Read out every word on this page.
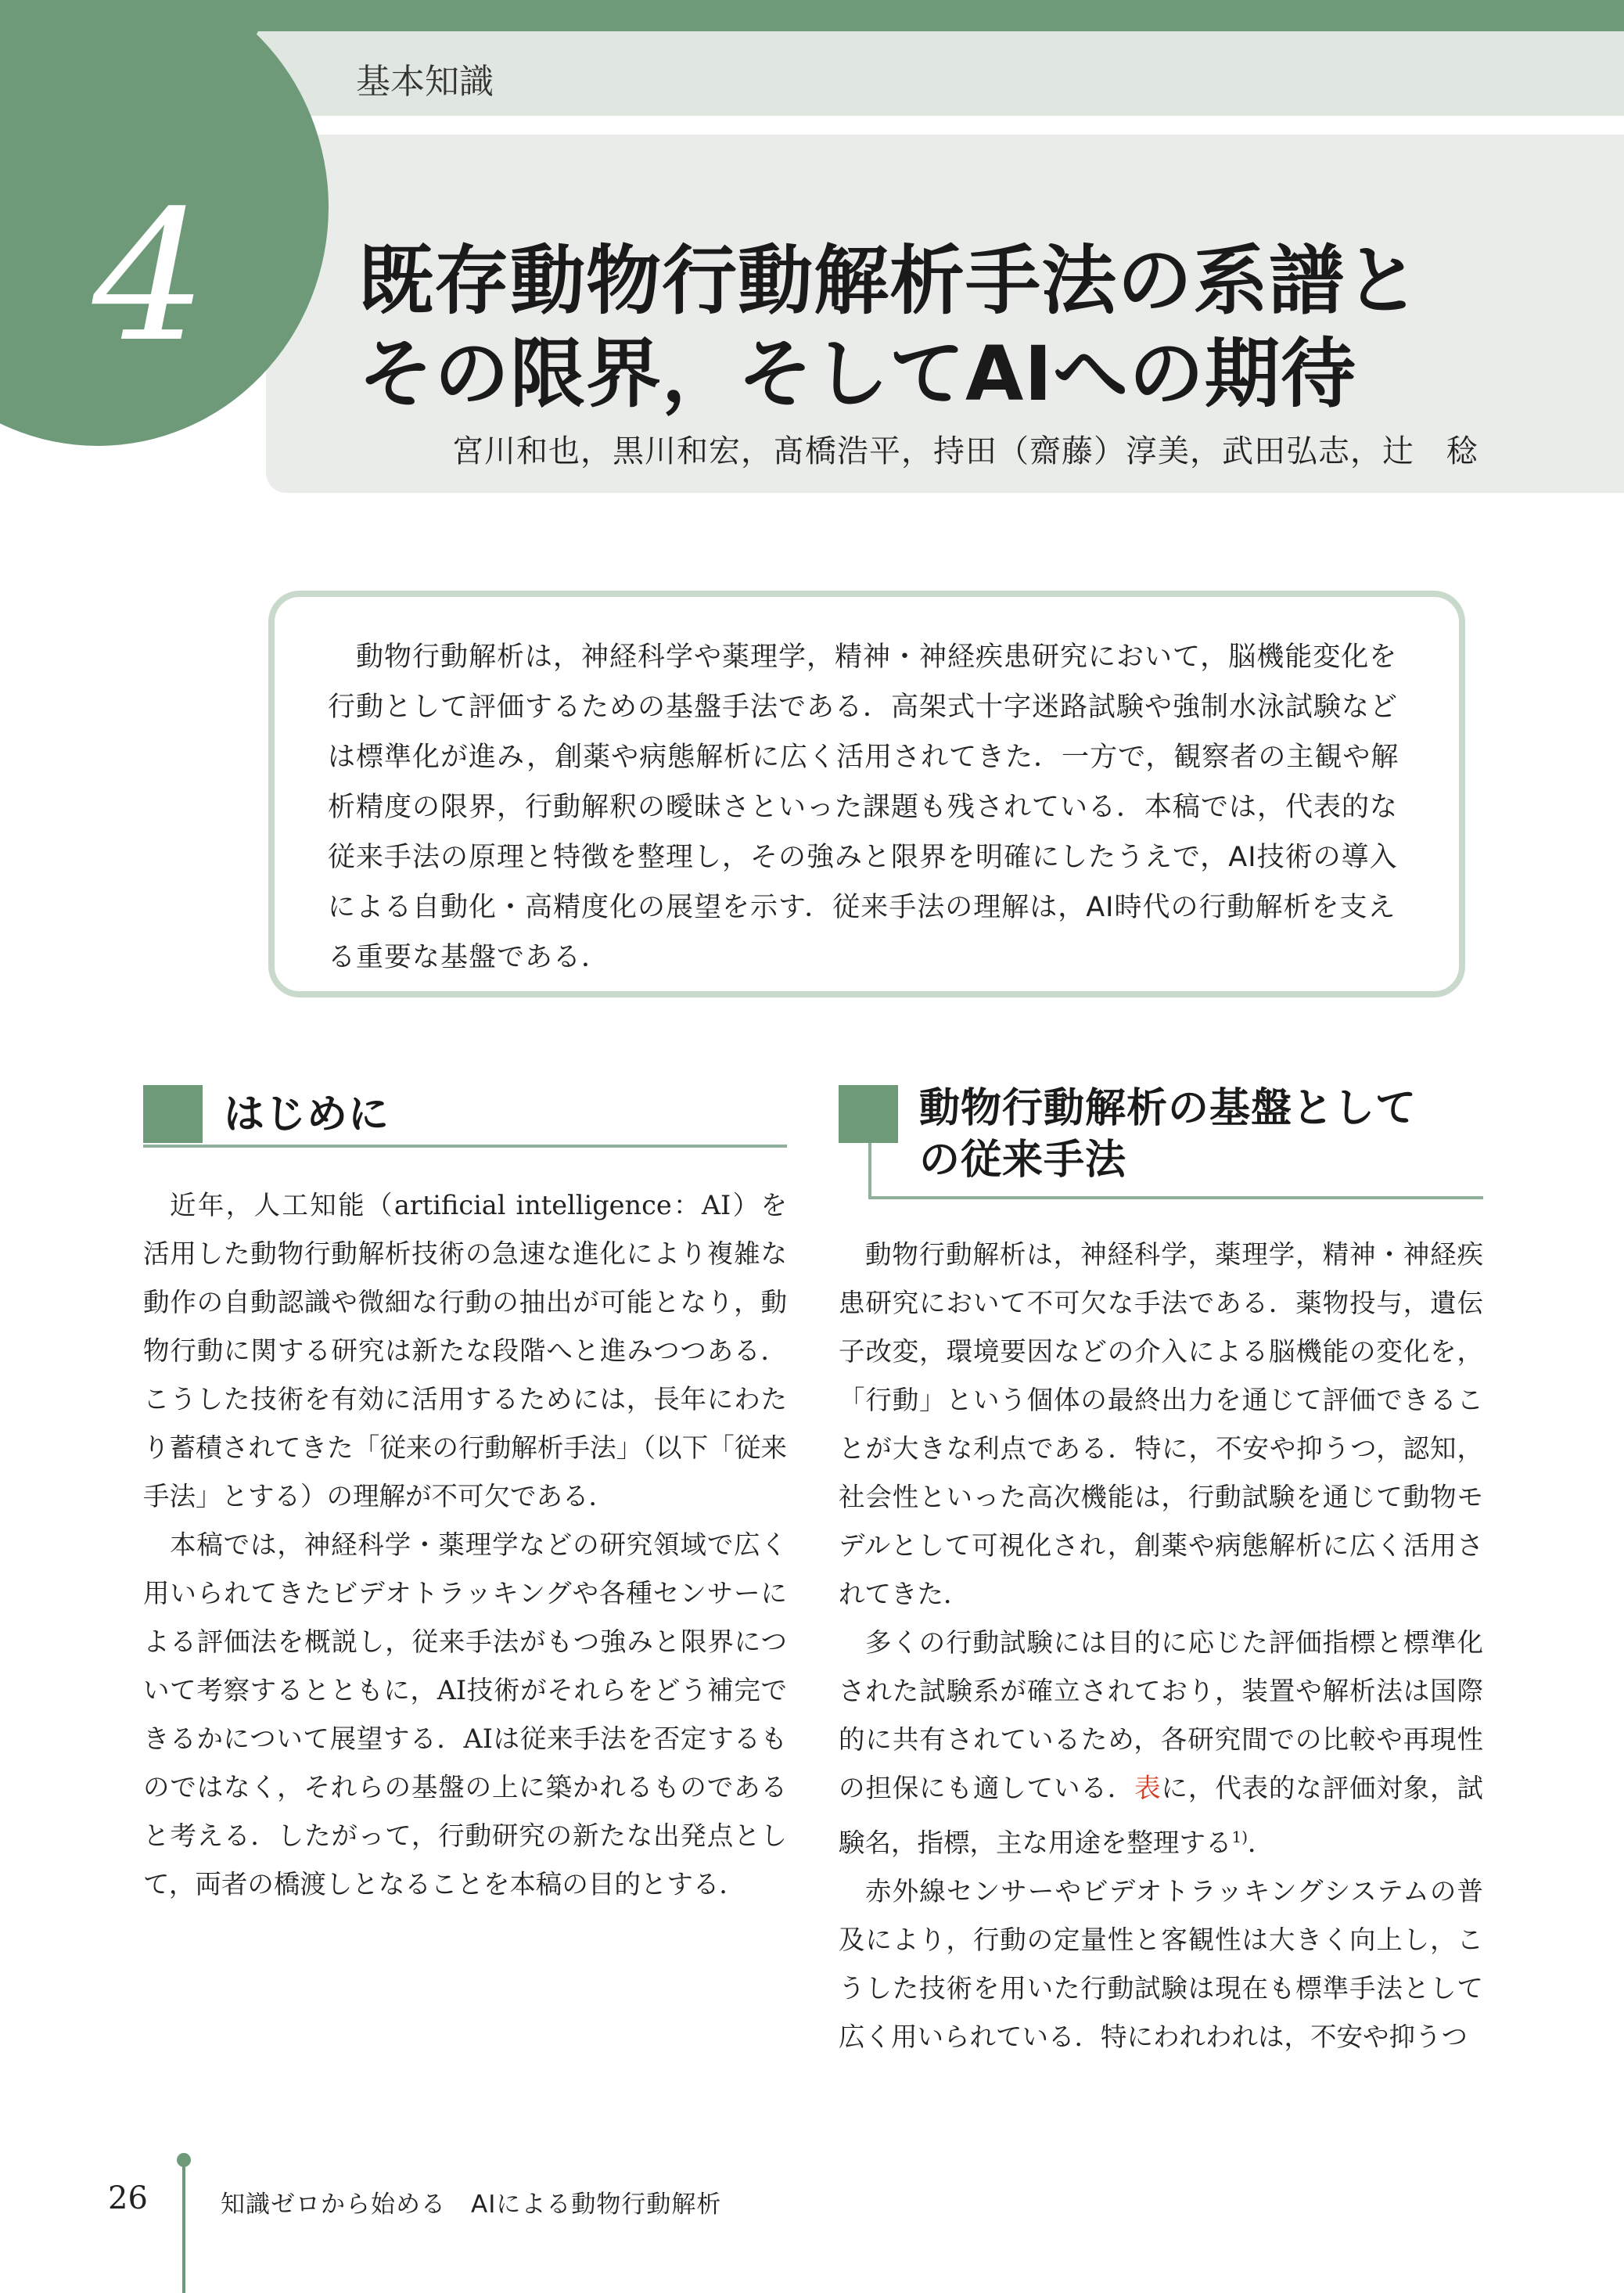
基本知識
4 既存動物行動解析手法の系譜と
その限界，そしてAIへの期待
宮川和也，黒川和宏，髙橋浩平，持田（齋藤）淳美，武田弘志，辻　稔
動物行動解析は，神経科学や薬理学，精神・神経疾患研究において，脳機能変化を行動として評価するための基盤手法である．高架式十字迷路試験や強制水泳試験などは標準化が進み，創薬や病態解析に広く活用されてきた．一方で，観察者の主観や解析精度の限界，行動解釈の曖昧さといった課題も残されている．本稿では，代表的な従来手法の原理と特徴を整理し，その強みと限界を明確にしたうえで，AI技術の導入による自動化・高精度化の展望を示す．従来手法の理解は，AI時代の行動解析を支える重要な基盤である．
はじめに

近年，人工知能（artificial intelligence：AI）を活用した動物行動解析技術の急速な進化により複雑な動作の自動認識や微細な行動の抽出が可能となり，動物行動に関する研究は新たな段階へと進みつつある．こうした技術を有効に活用するためには，長年にわたり蓄積されてきた「従来の行動解析手法」（以下「従来手法」とする）の理解が不可欠である．

本稿では，神経科学・薬理学などの研究領域で広く用いられてきたビデオトラッキングや各種センサーによる評価法を概説し，従来手法がもつ強みと限界について考察するとともに，AI技術がそれらをどう補完できるかについて展望する．AIは従来手法を否定するものではなく，それらの基盤の上に築かれるものであると考える．したがって，行動研究の新たな出発点として，両者の橋渡しとなることを本稿の目的とする．

動物行動解析の基盤として
の従来手法

動物行動解析は，神経科学，薬理学，精神・神経疾患研究において不可欠な手法である．薬物投与，遺伝子改変，環境要因などの介入による脳機能の変化を，「行動」という個体の最終出力を通じて評価できることが大きな利点である．特に，不安や抑うつ，認知，社会性といった高次機能は，行動試験を通じて動物モデルとして可視化され，創薬や病態解析に広く活用されてきた．

多くの行動試験には目的に応じた評価指標と標準化された試験系が確立されており，装置や解析法は国際的に共有されているため，各研究間での比較や再現性の担保にも適している．表に，代表的な評価対象，試験名，指標，主な用途を整理する$^{1)}$．

赤外線センサーやビデオトラッキングシステムの普及により，行動の定量性と客観性は大きく向上し，こうした技術を用いた行動試験は現在も標準手法として広く用いられている．特にわれわれは，不安や抑うつ

26	知識ゼロから始める　AIによる動物行動解析
